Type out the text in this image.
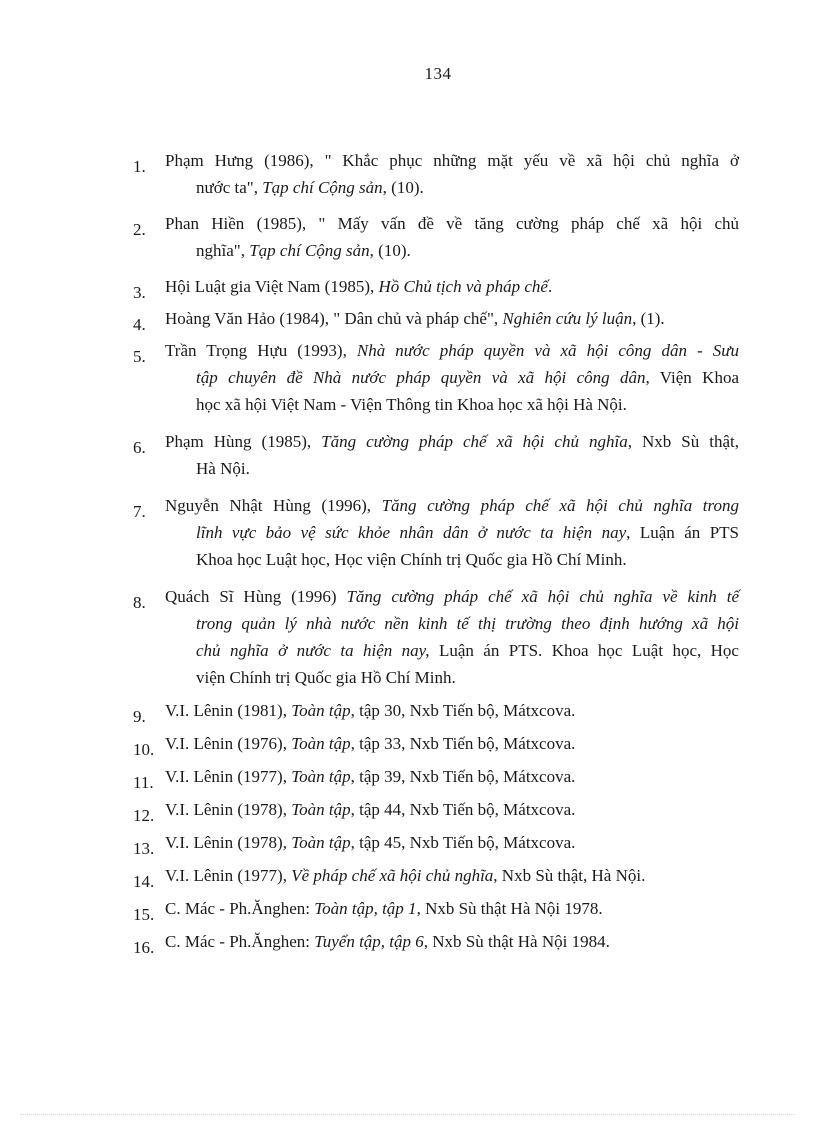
134
1. Phạm Hưng (1986), " Khắc phục những mặt yếu về xã hội chủ nghĩa ở
nước ta", Tạp chí Cộng sản, (10).
2. Phan Hiền (1985), " Mấy vấn đề về tăng cường pháp chế xã hội chủ
nghĩa", Tạp chí Cộng sản, (10).
3. Hội Luật gia Việt Nam (1985), Hồ Chủ tịch và pháp chế.
4. Hoàng Văn Hảo (1984), " Dân chủ và pháp chế", Nghiên cứu lý luận, (1).
5. Trần Trọng Hựu (1993), Nhà nước pháp quyền và xã hội công dân - Sưu
tập chuyên đề Nhà nước pháp quyền và xã hội công dân, Viện Khoa
học xã hội Việt Nam - Viện Thông tin Khoa học xã hội Hà Nội.
6. Phạm Hùng (1985), Tăng cường pháp chế xã hội chủ nghĩa, Nxb Sù thật,
Hà Nội.
7. Nguyễn Nhật Hùng (1996), Tăng cường pháp chế xã hội chủ nghĩa trong
lĩnh vực bảo vệ sức khỏe nhân dân ở nước ta hiện nay, Luận án PTS
Khoa học Luật học, Học viện Chính trị Quốc gia Hồ Chí Minh.
8. Quách Sĩ Hùng (1996) Tăng cường pháp chế xã hội chủ nghĩa về kinh tế
trong quản lý nhà nước nền kinh tế thị trường theo định hướng xã hội
chủ nghĩa ở nước ta hiện nay, Luận án PTS. Khoa học Luật học, Học
viện Chính trị Quốc gia Hồ Chí Minh.
9. V.I. Lênin (1981), Toàn tập, tập 30, Nxb Tiến bộ, Mátxcova.
10. V.I. Lênin (1976), Toàn tập, tập 33, Nxb Tiến bộ, Mátxcova.
11. V.I. Lênin (1977), Toàn tập, tập 39, Nxb Tiến bộ, Mátxcova.
12. V.I. Lênin (1978), Toàn tập, tập 44, Nxb Tiến bộ, Mátxcova.
13. V.I. Lênin (1978), Toàn tập, tập 45, Nxb Tiến bộ, Mátxcova.
14. V.I. Lênin (1977), Về pháp chế xã hội chủ nghĩa, Nxb Sù thật, Hà Nội.
15. C. Mác - Ph.Ănghen: Toàn tập, tập 1, Nxb Sù thật Hà Nội 1978.
16. C. Mác - Ph.Ănghen: Tuyển tập, tập 6, Nxb Sù thật Hà Nội 1984.
